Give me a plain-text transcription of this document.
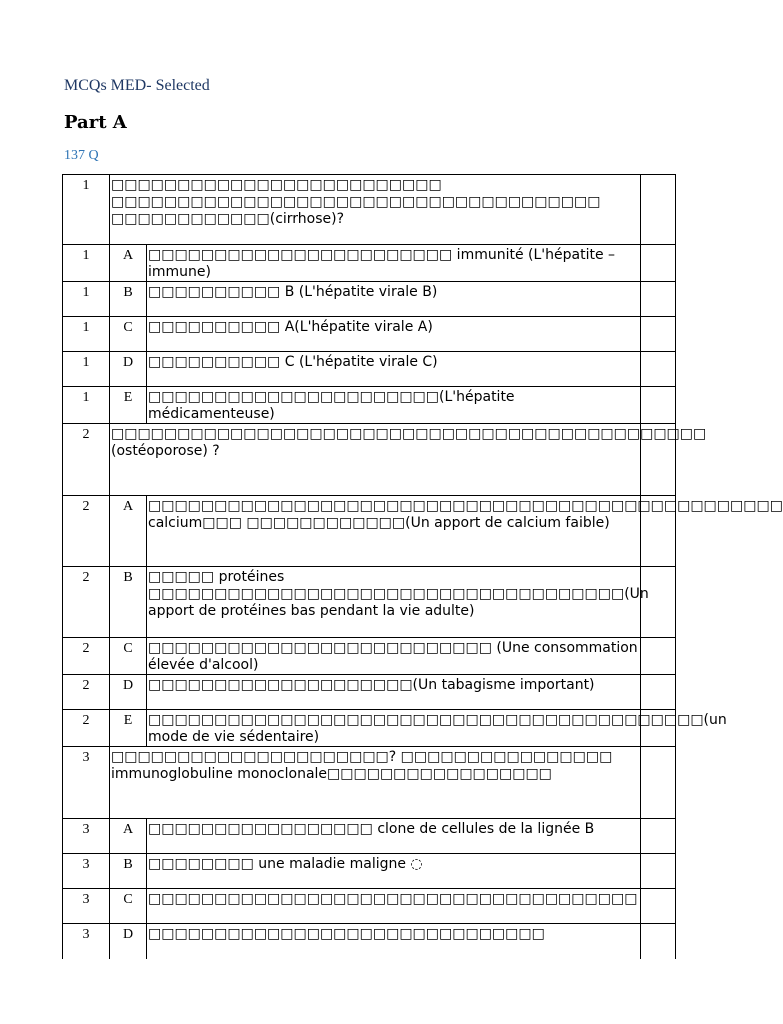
MCQs MED- Selected
Part A
137 Q
1	□□□□□□□□□□□□□□□□□□□□□□□□□ □□□□□□□□□□□□□□□□□□□□□□□□□□□□□□□□□□□□□ □□□□□□□□□□□□(cirrhose)?		
1	A	□□□□□□□□□□□□□□□□□□□□□□□ immunité (L'hépatite –immune)	
1	B	□□□□□□□□□□ B (L'hépatite virale B)	
1	C	□□□□□□□□□□ A(L'hépatite virale A)	
1	D	□□□□□□□□□□ C (L'hépatite virale C)	
1	E	□□□□□□□□□□□□□□□□□□□□□□(L'hépatite médicamenteuse)	
2	□□□□□□□□□□□□□□□□□□□□□□□□□□□□□□□□□□□□□□□□□□□□□ (ostéoporose) ?		
2	A	□□□□□□□□□□□□□□□□□□□□□□□□□□□□□□□□□□□□□□□□□□□□□□□□ calcium□□□ □□□□□□□□□□□□(Un apport de calcium faible)	
2	B	□□□□□ protéines □□□□□□□□□□□□□□□□□□□□□□□□□□□□□□□□□□□□(Un apport de protéines bas pendant la vie adulte)	
2	C	□□□□□□□□□□□□□□□□□□□□□□□□□□ (Une consommation élevée d'alcool)	
2	D	□□□□□□□□□□□□□□□□□□□□(Un tabagisme important)	
2	E	□□□□□□□□□□□□□□□□□□□□□□□□□□□□□□□□□□□□□□□□□□(un mode de vie sédentaire)	
3	□□□□□□□□□□□□□□□□□□□□□? □□□□□□□□□□□□□□□□ immunoglobuline monoclonale□□□□□□□□□□□□□□□□□		
3	A	□□□□□□□□□□□□□□□□□ clone de cellules de la lignée B	
3	B	□□□□□□□□ une maladie maligne ◌	
3	C	□□□□□□□□□□□□□□□□□□□□□□□□□□□□□□□□□□□□□	
3	D	□□□□□□□□□□□□□□□□□□□□□□□□□□□□□□	
